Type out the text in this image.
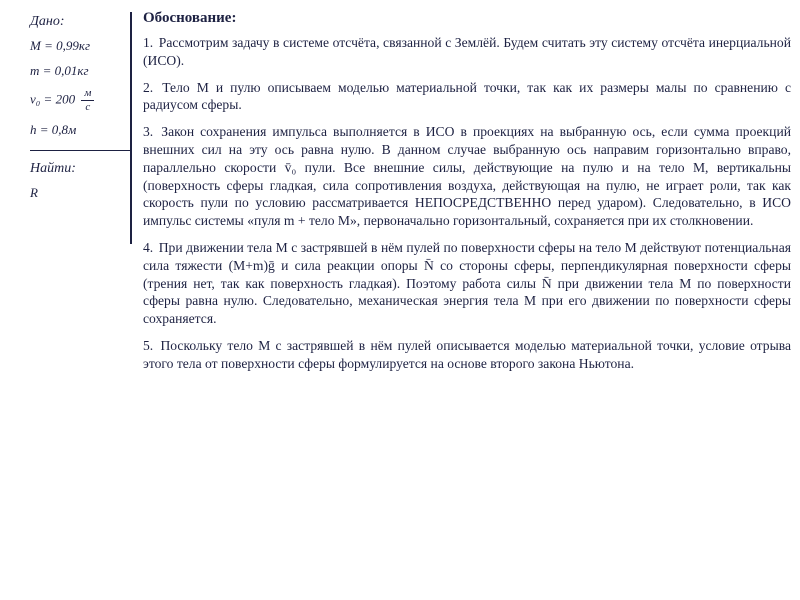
Дано:
M = 0,99кг
m = 0,01кг
$v_0 = 200 \frac{м}{с}$
h = 0,8м
Найти:
R
Обоснование:

1. Рассмотрим задачу в системе отсчёта, связанной с Землёй. Будем считать эту систему отсчёта инерциальной (ИСО).

2. Тело M и пулю описываем моделью материальной точки, так как их размеры малы по сравнению с радиусом сферы.

3. Закон сохранения импульса выполняется в ИСО в проекциях на выбранную ось, если сумма проекций внешних сил на эту ось равна нулю. В данном случае выбранную ось направим горизонтально вправо, параллельно скорости v̄₀ пули. Все внешние силы, действующие на пулю и на тело M, вертикальны (поверхность сферы гладкая, сила сопротивления воздуха, действующая на пулю, не играет роли, так как скорость пули по условию рассматривается НЕПОСРЕДСТВЕННО перед ударом). Следовательно, в ИСО импульс системы «пуля m + тело M», первоначально горизонтальный, сохраняется при их столкновении.

4. При движении тела M с застрявшей в нём пулей по поверхности сферы на тело M действуют потенциальная сила тяжести (M+m)ḡ и сила реакции опоры N̄ со стороны сферы, перпендикулярная поверхности сферы (трения нет, так как поверхность гладкая). Поэтому работа силы N̄ при движении тела M по поверхности сферы равна нулю. Следовательно, механическая энергия тела M при его движении по поверхности сферы сохраняется.

5. Поскольку тело M с застрявшей в нём пулей описывается моделью материальной точки, условие отрыва этого тела от поверхности сферы формулируется на основе второго закона Ньютона.
